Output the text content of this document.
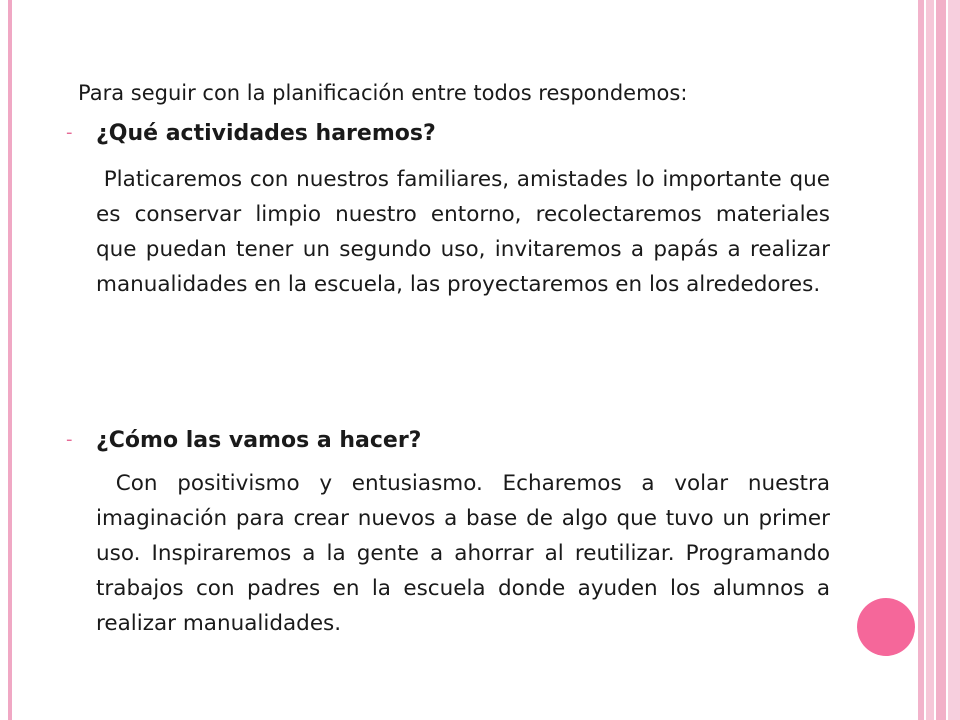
Para seguir con la planificación entre todos respondemos:
- ¿Qué actividades haremos?
Platicaremos con nuestros familiares, amistades lo importante que es conservar limpio nuestro entorno, recolectaremos materiales que puedan tener un segundo uso, invitaremos a papás a realizar manualidades en la escuela, las proyectaremos en los alrededores.
- ¿Cómo las vamos a hacer?
Con positivismo y entusiasmo. Echaremos a volar nuestra imaginación para crear nuevos a base de algo que tuvo un primer uso. Inspiraremos a la gente a ahorrar al reutilizar. Programando trabajos con padres en la escuela donde ayuden los alumnos a realizar manualidades.
